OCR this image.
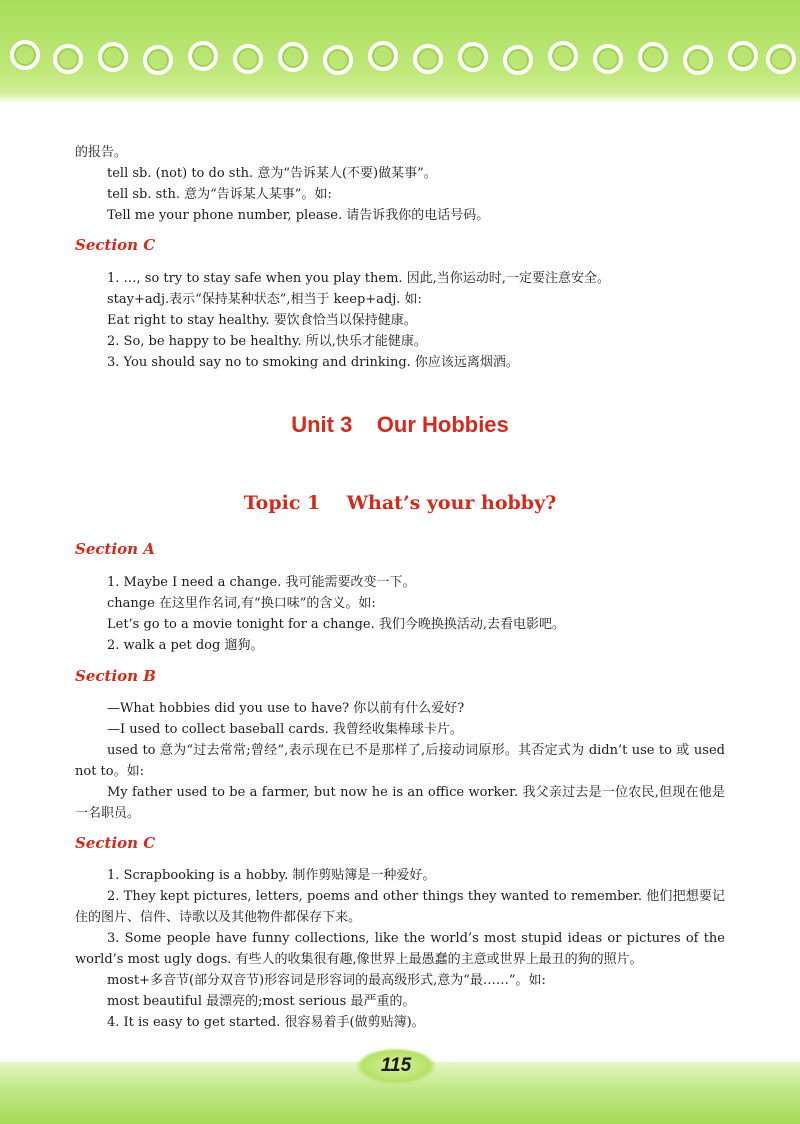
的报告。
tell sb. (not) to do sth. 意为“告诉某人(不要)做某事”。
tell sb. sth. 意为“告诉某人某事”。如:
Tell me your phone number, please. 请告诉我你的电话号码。
Section C
1. …, so try to stay safe when you play them. 因此,当你运动时,一定要注意安全。
stay+adj.表示“保持某种状态”,相当于 keep+adj. 如:
Eat right to stay healthy. 要饮食恰当以保持健康。
2. So, be happy to be healthy. 所以,快乐才能健康。
3. You should say no to smoking and drinking. 你应该远离烟酒。
Unit 3    Our Hobbies
Topic 1    What’s your hobby?
Section A
1. Maybe I need a change. 我可能需要改变一下。
change 在这里作名词,有“换口味”的含义。如:
Let’s go to a movie tonight for a change. 我们今晚换换活动,去看电影吧。
2. walk a pet dog 遛狗。
Section B
—What hobbies did you use to have? 你以前有什么爱好?
—I used to collect baseball cards. 我曾经收集棒球卡片。
used to 意为“过去常常;曾经”,表示现在已不是那样了,后接动词原形。其否定式为 didn’t use to 或 used not to。如:
My father used to be a farmer, but now he is an office worker. 我父亲过去是一位农民,但现在他是一名职员。
Section C
1. Scrapbooking is a hobby. 制作剪贴簿是一种爱好。
2. They kept pictures, letters, poems and other things they wanted to remember. 他们把想要记住的图片、信件、诗歌以及其他物件都保存下来。
3. Some people have funny collections, like the world’s most stupid ideas or pictures of the world’s most ugly dogs. 有些人的收集很有趣,像世界上最愚蠢的主意或世界上最丑的狗的照片。
most+多音节(部分双音节)形容词是形容词的最高级形式,意为“最……”。如:
most beautiful 最漂亮的;most serious 最严重的。
4. It is easy to get started. 很容易着手(做剪贴簿)。
115
